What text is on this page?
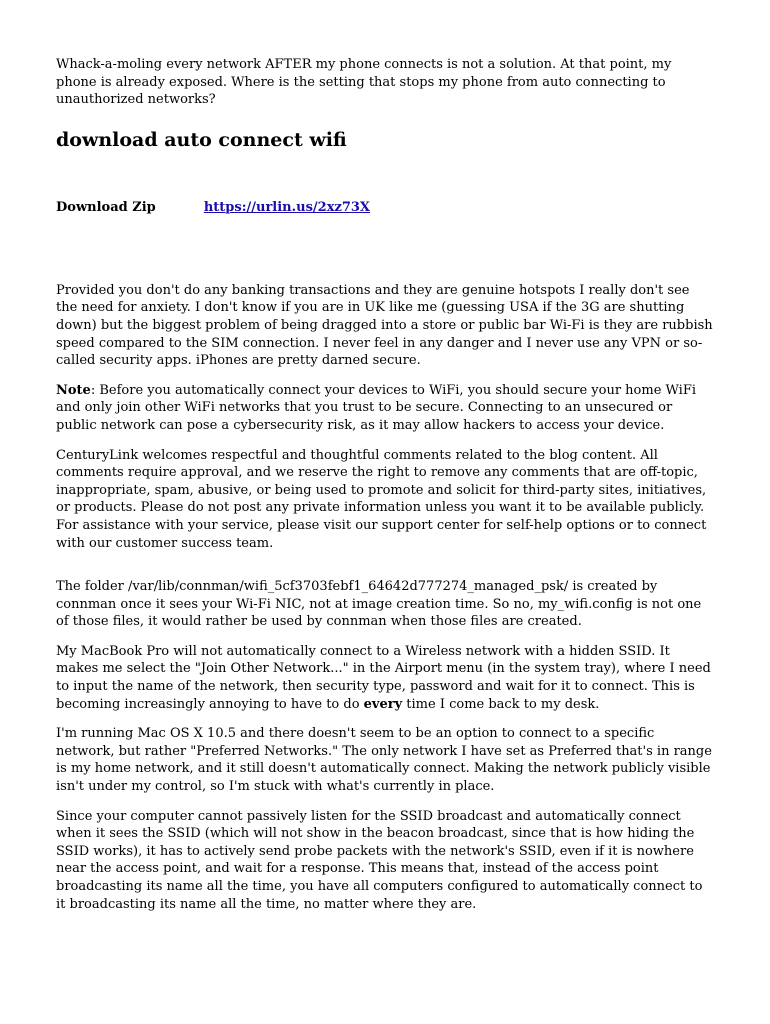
Whack-a-moling every network AFTER my phone connects is not a solution. At that point, my phone is already exposed. Where is the setting that stops my phone from auto connecting to unauthorized networks?

download auto connect wifi
Download Zip    	https://urlin.us/2xz73X

Provided you don't do any banking transactions and they are genuine hotspots I really don't see the need for anxiety. I don't know if you are in UK like me (guessing USA if the 3G are shutting down) but the biggest problem of being dragged into a store or public bar Wi-Fi is they are rubbish speed compared to the SIM connection. I never feel in any danger and I never use any VPN or so-called security apps. iPhones are pretty darned secure.

Note: Before you automatically connect your devices to WiFi, you should secure your home WiFi and only join other WiFi networks that you trust to be secure. Connecting to an unsecured or public network can pose a cybersecurity risk, as it may allow hackers to access your device.

CenturyLink welcomes respectful and thoughtful comments related to the blog content. All comments require approval, and we reserve the right to remove any comments that are off-topic, inappropriate, spam, abusive, or being used to promote and solicit for third-party sites, initiatives, or products. Please do not post any private information unless you want it to be available publicly. For assistance with your service, please visit our support center for self-help options or to connect with our customer success team.

The folder /var/lib/connman/wifi_5cf3703febf1_64642d777274_managed_psk/ is created by connman once it sees your Wi-Fi NIC, not at image creation time. So no, my_wifi.config is not one of those files, it would rather be used by connman when those files are created.

My MacBook Pro will not automatically connect to a Wireless network with a hidden SSID. It makes me select the "Join Other Network..." in the Airport menu (in the system tray), where I need to input the name of the network, then security type, password and wait for it to connect. This is becoming increasingly annoying to have to do every time I come back to my desk.

I'm running Mac OS X 10.5 and there doesn't seem to be an option to connect to a specific network, but rather "Preferred Networks." The only network I have set as Preferred that's in range is my home network, and it still doesn't automatically connect. Making the network publicly visible isn't under my control, so I'm stuck with what's currently in place.

Since your computer cannot passively listen for the SSID broadcast and automatically connect when it sees the SSID (which will not show in the beacon broadcast, since that is how hiding the SSID works), it has to actively send probe packets with the network's SSID, even if it is nowhere near the access point, and wait for a response. This means that, instead of the access point broadcasting its name all the time, you have all computers configured to automatically connect to it broadcasting its name all the time, no matter where they are.
